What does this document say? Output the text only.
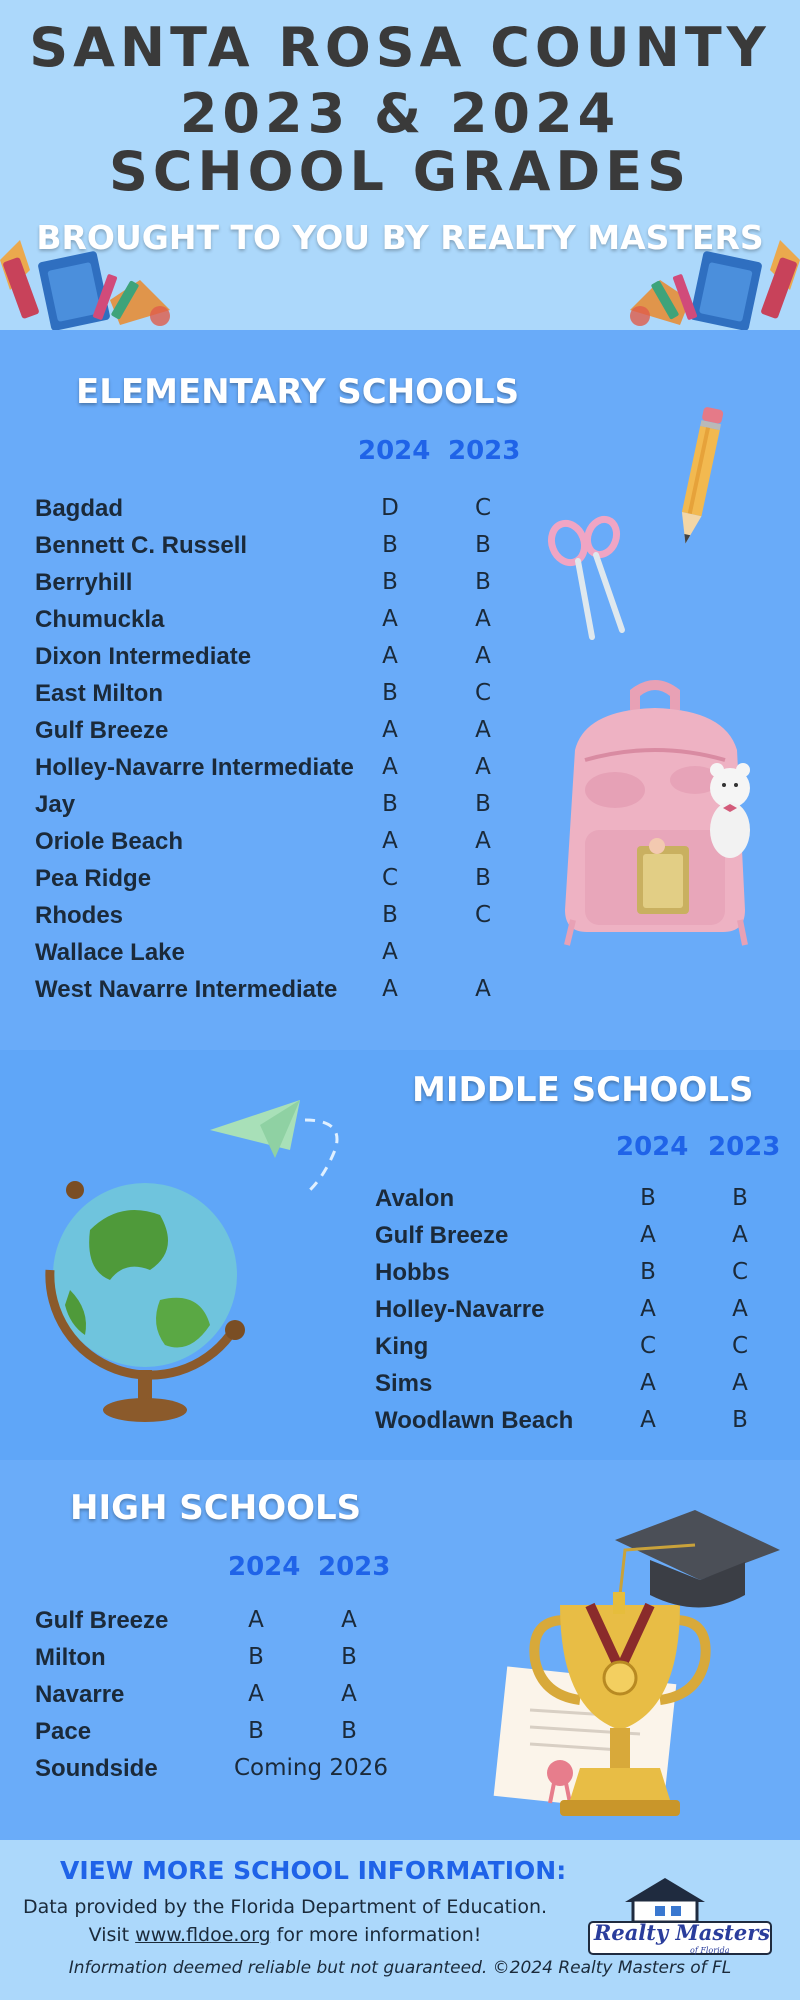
SANTA ROSA COUNTY
2023 & 2024
SCHOOL GRADES
BROUGHT TO YOU BY REALTY MASTERS
ELEMENTARY SCHOOLS
2024 2023
Bagdad	D	C
Bennett C. Russell	B	B
Berryhill	B	B
Chumuckla	A	A
Dixon Intermediate	A	A
East Milton	B	C
Gulf Breeze	A	A
Holley-Navarre Intermediate	A	A
Jay	B	B
Oriole Beach	A	A
Pea Ridge	C	B
Rhodes	B	C
Wallace Lake	A
West Navarre Intermediate	A	A
MIDDLE SCHOOLS
2024 2023
Avalon	B	B
Gulf Breeze	A	A
Hobbs	B	C
Holley-Navarre	A	A
King	C	C
Sims	A	A
Woodlawn Beach	A	B
HIGH SCHOOLS
2024 2023
Gulf Breeze	A	A
Milton	B	B
Navarre	A	A
Pace	B	B
Soundside	Coming 2026
VIEW MORE SCHOOL INFORMATION:
Data provided by the Florida Department of Education.
Visit www.fldoe.org for more information!	Realty Masters
of Florida
Information deemed reliable but not guaranteed. ©2024 Realty Masters of FL
